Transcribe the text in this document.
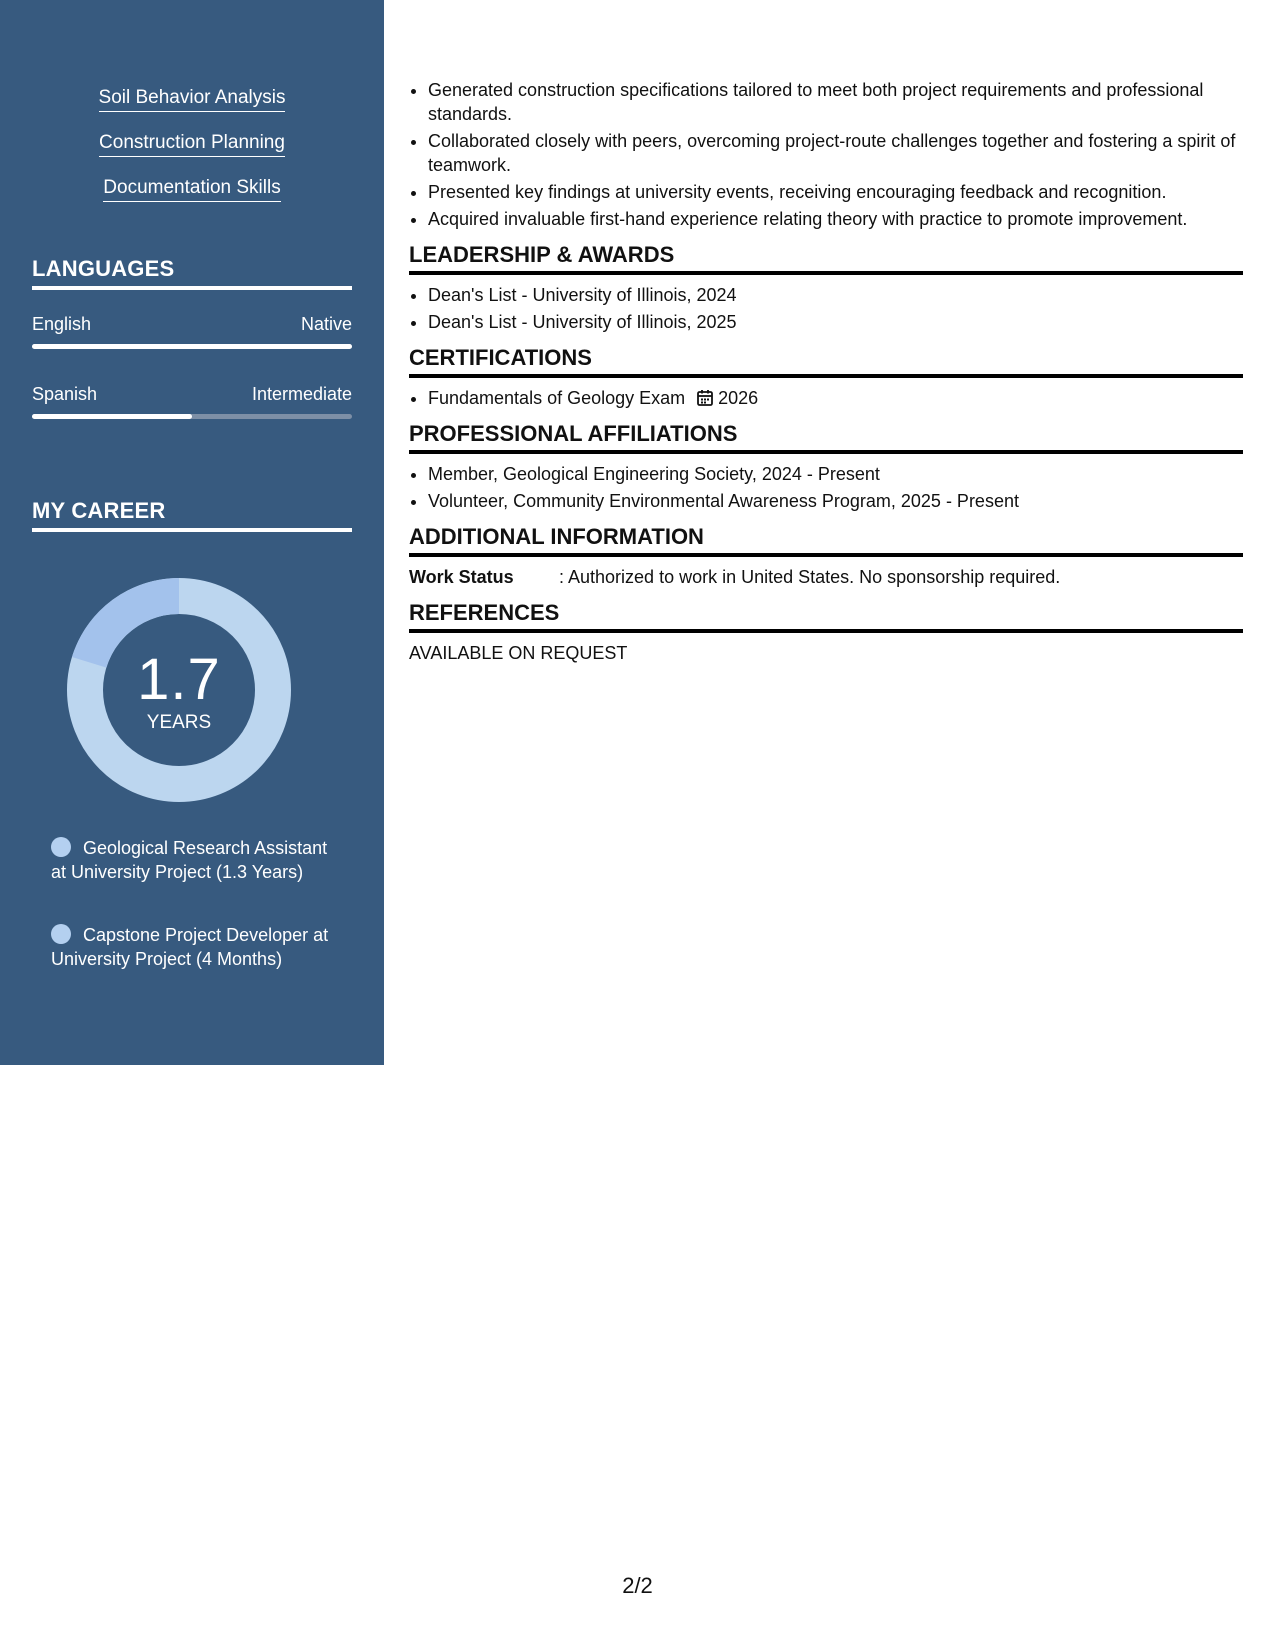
Soil Behavior Analysis
Construction Planning
Documentation Skills
LANGUAGES
English	Native
Spanish	Intermediate
MY CAREER
1.7
YEARS
Geological Research Assistant at University Project (1.3 Years)
Capstone Project Developer at University Project (4 Months)
• Generated construction specifications tailored to meet both project requirements and professional standards.
• Collaborated closely with peers, overcoming project-route challenges together and fostering a spirit of teamwork.
• Presented key findings at university events, receiving encouraging feedback and recognition.
• Acquired invaluable first-hand experience relating theory with practice to promote improvement.
LEADERSHIP & AWARDS
• Dean's List - University of Illinois, 2024
• Dean's List - University of Illinois, 2025
CERTIFICATIONS
• Fundamentals of Geology Exam 2026
PROFESSIONAL AFFILIATIONS
• Member, Geological Engineering Society, 2024 - Present
• Volunteer, Community Environmental Awareness Program, 2025 - Present
ADDITIONAL INFORMATION
Work Status	: Authorized to work in United States. No sponsorship required.
REFERENCES
AVAILABLE ON REQUEST
2/2
